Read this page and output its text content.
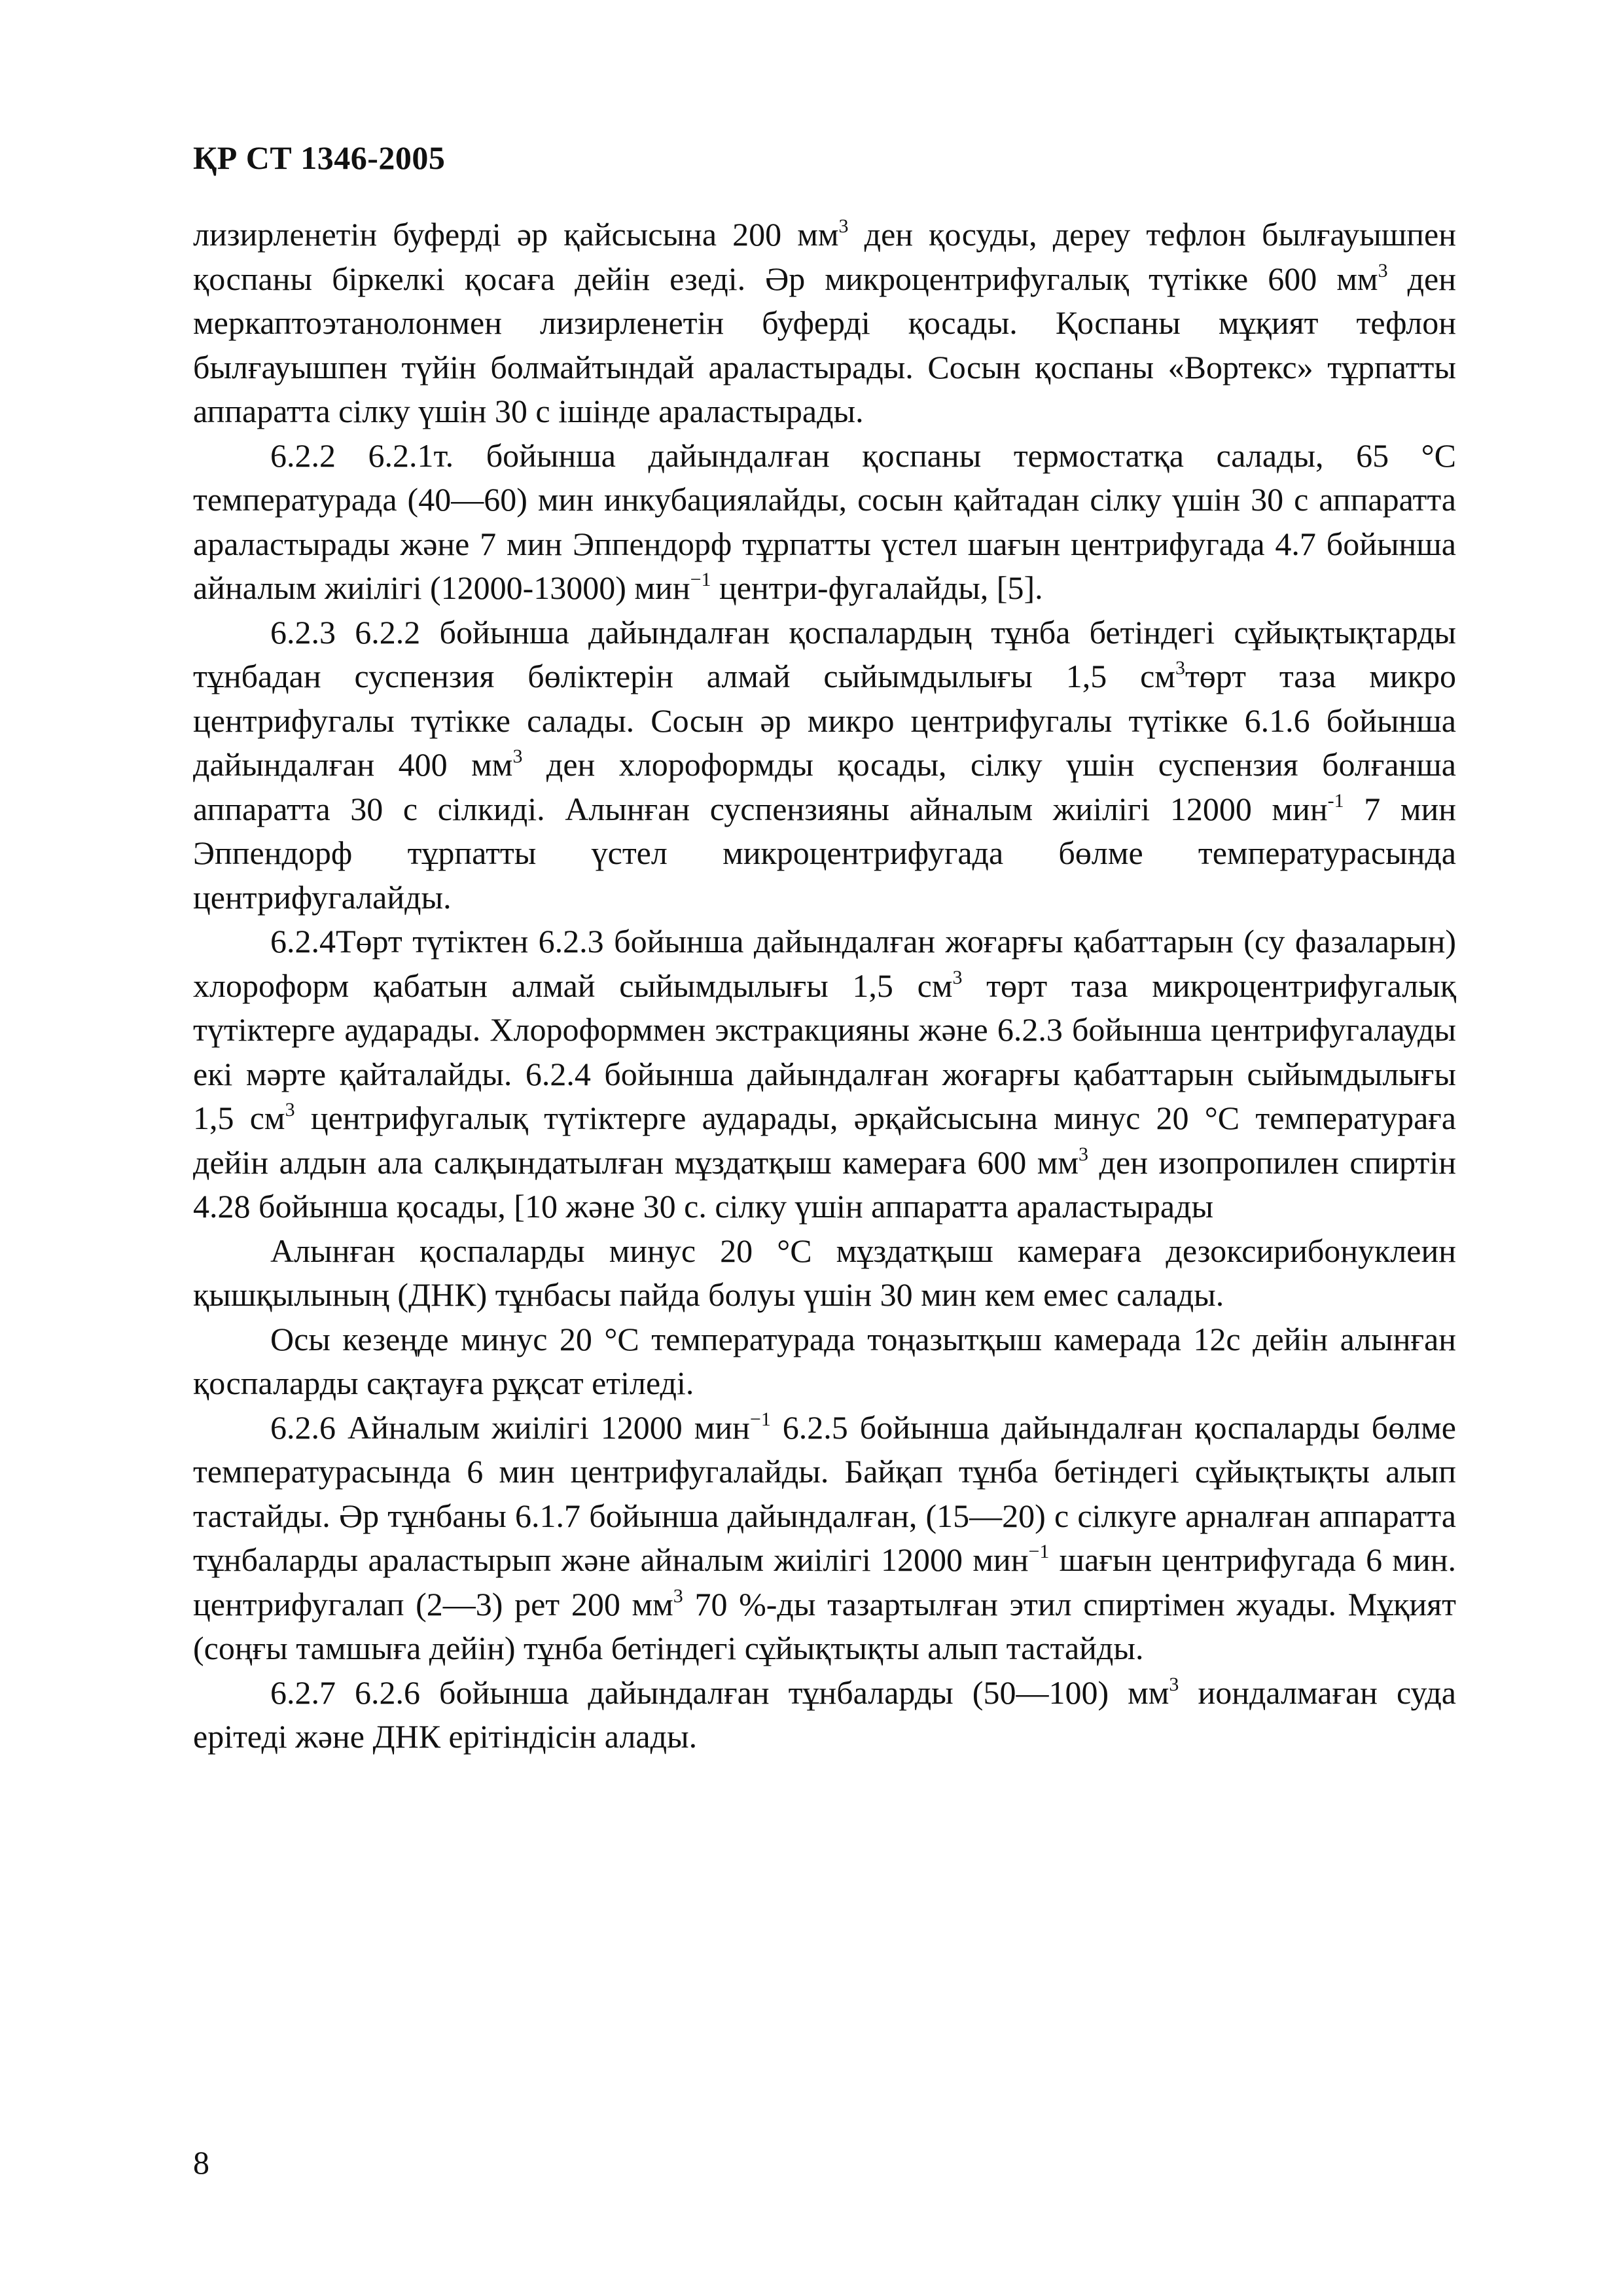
ҚР СТ 1346-2005

лизирленетін буферді әр қайсысына 200 $мм^3$ ден қосуды, дереу тефлон былғауышпен қоспаны біркелкі қосаға дейін езеді. Әр микроцентрифугалық түтікке 600 $мм^3$ ден меркаптоэтанолонмен лизирленетін буферді қосады. Қоспаны мұқият тефлон былғауышпен түйін болмайтындай араластырады. Сосын қоспаны «Вортекс» тұрпатты аппаратта сілку үшін 30 с ішінде араластырады.

6.2.2 6.2.1т. бойынша дайындалған қоспаны термостатқа салады, 65 °С температурада (40—60) мин инкубациялайды, сосын қайтадан сілку үшін 30 с аппаратта араластырады және 7 мин Эппендорф тұрпатты үстел шағын центрифугада 4.7 бойынша айналым жиілігі (12000-13000) мин$^{-1}$ центри-фугалайды, [5].

6.2.3 6.2.2 бойынша дайындалған қоспалардың тұнба бетіндегі сұйықтықтарды тұнбадан суспензия бөліктерін алмай сыйымдылығы 1,5 $см^3төрт$ таза микро центрифугалы түтікке салады. Сосын әр микро центрифугалы түтікке 6.1.6 бойынша дайындалған 400 $мм^3$ ден хлороформды қосады, сілку үшін суспензия болғанша аппаратта 30 с сілкиді. Алынған суспензияны айналым жиілігі 12000 мин$^{-1}$ 7 мин Эппендорф тұрпатты үстел микроцентрифугада бөлме температурасында центрифугалайды.

6.2.4Төрт түтіктен 6.2.3 бойынша дайындалған жоғарғы қабаттарын (су фазаларын) хлороформ қабатын алмай сыйымдылығы 1,5 $см^3$ төрт таза микроцентрифугалық түтіктерге аударады. Хлороформмен экстракцияны және 6.2.3 бойынша центрифугалауды екі мәрте қайталайды. 6.2.4 бойынша дайындалған жоғарғы қабаттарын сыйымдылығы 1,5 $см^3$ центрифугалық түтіктерге аударады, әрқайсысына минус 20 °С температураға дейін алдын ала салқындатылған мұздатқыш камераға 600 $мм^3$ ден изопропилен спиртін 4.28 бойынша қосады, [10 және 30 с. сілку үшін аппаратта араластырады

Алынған қоспаларды минус 20 °С мұздатқыш камераға дезоксирибонуклеин қышқылының (ДНК) тұнбасы пайда болуы үшін 30 мин кем емес салады.

Осы кезеңде минус 20 °С температурада тоңазытқыш камерада 12с дейін алынған қоспаларды сақтауға рұқсат етіледі.

6.2.6 Айналым жиілігі 12000 мин$^{-1}$ 6.2.5 бойынша дайындалған қоспаларды бөлме температурасында 6 мин центрифугалайды. Байқап тұнба бетіндегі сұйықтықты алып тастайды. Әр тұнбаны 6.1.7 бойынша дайындалған, (15—20) с сілкуге арналған аппаратта тұнбаларды араластырып және айналым жиілігі 12000 мин$^{-1}$ шағын центрифугада 6 мин. центрифугалап (2—3) рет 200 $мм^3$ 70 %-ды тазартылған этил спиртімен жуады. Мұқият (соңғы тамшыға дейін) тұнба бетіндегі сұйықтықты алып тастайды.

6.2.7 6.2.6 бойынша дайындалған тұнбаларды (50—100) $мм^3$ иондалмаған суда ерітеді және ДНК ерітіндісін алады.

8
